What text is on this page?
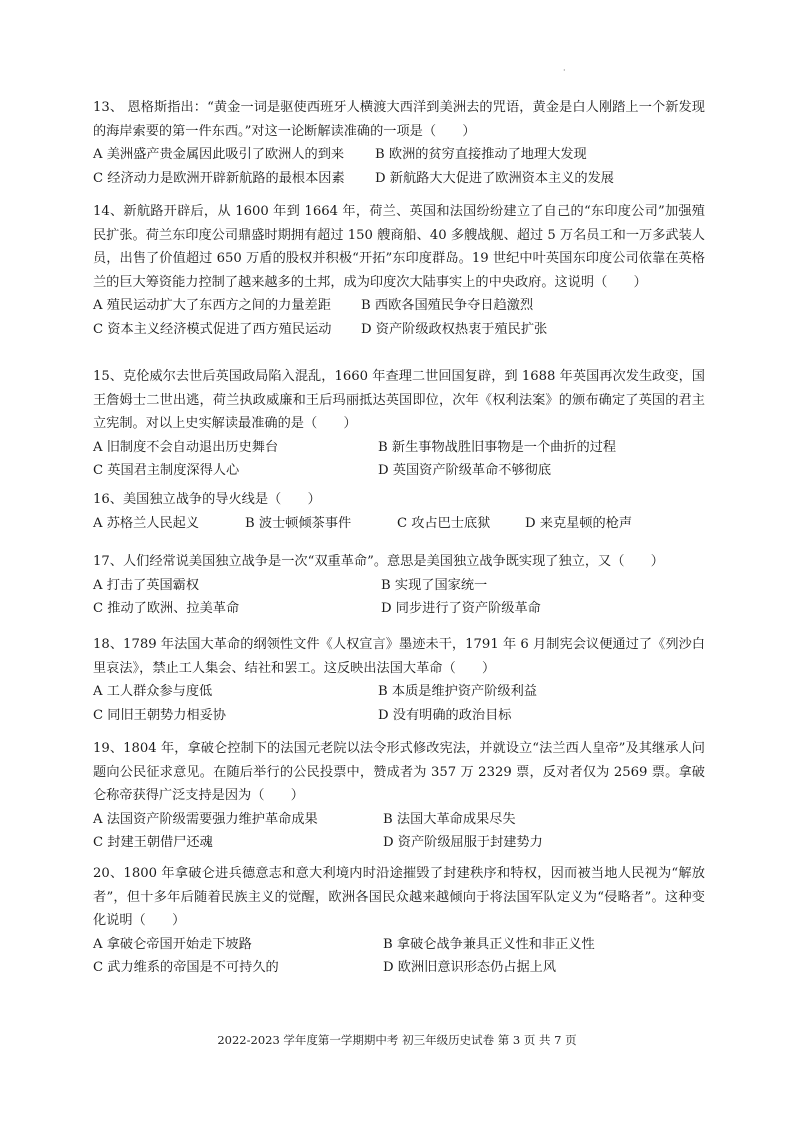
·
13、 恩格斯指出：“黄金一词是驱使西班牙人横渡大西洋到美洲去的咒语，黄金是白人刚踏上一个新发现的海岸索要的第一件东西。”对这一论断解读准确的一项是（　　）
A 美洲盛产贵金属因此吸引了欧洲人的到来	B 欧洲的贫穷直接推动了地理大发现
C 经济动力是欧洲开辟新航路的最根本因素	D 新航路大大促进了欧洲资本主义的发展
14、新航路开辟后，从 1600 年到 1664 年，荷兰、英国和法国纷纷建立了自己的“东印度公司”加强殖民扩张。荷兰东印度公司鼎盛时期拥有超过 150 艘商船、40 多艘战舰、超过 5 万名员工和一万多武装人员，出售了价值超过 650 万盾的股权并积极“开拓”东印度群岛。19 世纪中叶英国东印度公司依靠在英格兰的巨大筹资能力控制了越来越多的土邦，成为印度次大陆事实上的中央政府。这说明（　　）
A 殖民运动扩大了东西方之间的力量差距	B 西欧各国殖民争夺日趋激烈
C 资本主义经济模式促进了西方殖民运动	D 资产阶级政权热衷于殖民扩张
15、克伦威尔去世后英国政局陷入混乱，1660 年查理二世回国复辟，到 1688 年英国再次发生政变，国王詹姆士二世出逃，荷兰执政威廉和王后玛丽抵达英国即位，次年《权利法案》的颁布确定了英国的君主立宪制。对以上史实解读最准确的是（　　）
A 旧制度不会自动退出历史舞台	B 新生事物战胜旧事物是一个曲折的过程
C 英国君主制度深得人心	D 英国资产阶级革命不够彻底
16、美国独立战争的导火线是（　　）
A 苏格兰人民起义	B 波士顿倾茶事件	C 攻占巴士底狱	D 来克星顿的枪声
17、人们经常说美国独立战争是一次“双重革命”。意思是美国独立战争既实现了独立，又（　　）
A 打击了英国霸权	B 实现了国家统一
C 推动了欧洲、拉美革命	D 同步进行了资产阶级革命
18、1789 年法国大革命的纲领性文件《人权宣言》墨迹未干，1791 年 6 月制宪会议便通过了《列沙白里哀法》，禁止工人集会、结社和罢工。这反映出法国大革命（　　）
A 工人群众参与度低	B 本质是维护资产阶级利益
C 同旧王朝势力相妥协	D 没有明确的政治目标
19、1804 年，拿破仑控制下的法国元老院以法令形式修改宪法，并就设立“法兰西人皇帝”及其继承人问题向公民征求意见。在随后举行的公民投票中，赞成者为 357 万 2329 票，反对者仅为 2569 票。拿破仑称帝获得广泛支持是因为（　　）
A 法国资产阶级需要强力维护革命成果	B 法国大革命成果尽失
C 封建王朝借尸还魂	D 资产阶级屈服于封建势力
20、1800 年拿破仑进兵德意志和意大利境内时沿途摧毁了封建秩序和特权，因而被当地人民视为“解放者”，但十多年后随着民族主义的觉醒，欧洲各国民众越来越倾向于将法国军队定义为“侵略者”。这种变化说明（　　）
A 拿破仑帝国开始走下坡路	B 拿破仑战争兼具正义性和非正义性
C 武力维系的帝国是不可持久的	D 欧洲旧意识形态仍占据上风
2022-2023 学年度第一学期期中考 初三年级历史试卷 第 3 页 共 7 页
